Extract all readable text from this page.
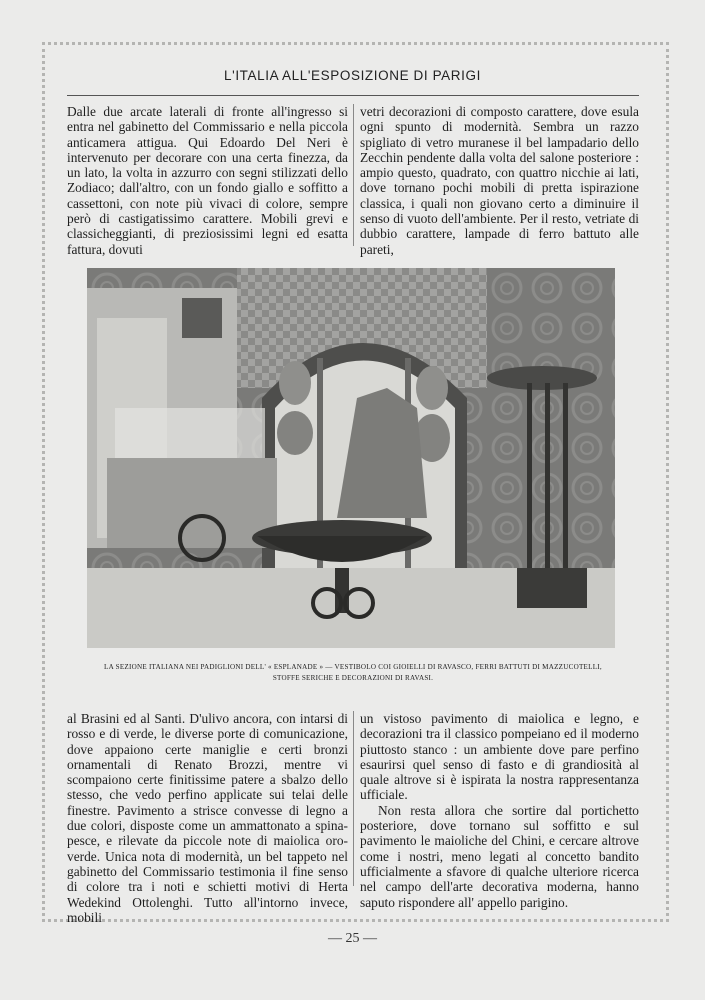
L'ITALIA ALL'ESPOSIZIONE DI PARIGI

Dalle due arcate laterali di fronte all'ingresso si entra nel gabinetto del Commissario e nella piccola anticamera attigua. Qui Edoardo Del Neri è intervenuto per decorare con una certa finezza, da un lato, la volta in azzurro con segni stilizzati dello Zodiaco; dall'altro, con un fondo giallo e soffitto a cassettoni, con note più vivaci di colore, sempre però di castigatissimo carattere. Mobili grevi e classicheggianti, di preziosissimi legni ed esatta fattura, dovuti

vetri decorazioni di composto carattere, dove esula ogni spunto di modernità. Sembra un razzo spigliato di vetro muranese il bel lampadario dello Zecchin pendente dalla volta del salone posteriore : ampio questo, quadrato, con quattro nicchie ai lati, dove tornano pochi mobili di pretta ispirazione classica, i quali non giovano certo a diminuire il senso di vuoto dell'ambiente. Per il resto, vetriate di dubbio carattere, lampade di ferro battuto alle pareti,

LA SEZIONE ITALIANA NEI PADIGLIONI DELL' « ESPLANADE » — VESTIBOLO COI GIOIELLI DI RAVASCO, FERRI BATTUTI DI MAZZUCOTELLI,
STOFFE SERICHE E DECORAZIONI DI RAVASI.

al Brasini ed al Santi. D'ulivo ancora, con intarsi di rosso e di verde, le diverse porte di comunicazione, dove appaiono certe maniglie e certi bronzi ornamentali di Renato Brozzi, mentre vi scompaiono certe finitissime patere a sbalzo dello stesso, che vedo perfino applicate sui telai delle finestre. Pavimento a strisce convesse di legno a due colori, disposte come un ammattonato a spina-pesce, e rilevate da piccole note di maiolica oro-verde. Unica nota di modernità, un bel tappeto nel gabinetto del Commissario testimonia il fine senso di colore tra i noti e schietti motivi di Herta Wedekind Ottolenghi. Tutto all'intorno invece, mobili

un vistoso pavimento di maiolica e legno, e decorazioni tra il classico pompeiano ed il moderno piuttosto stanco : un ambiente dove pare perfino esaurirsi quel senso di fasto e di grandiosità al quale altrove si è ispirata la nostra rappresentanza ufficiale.

Non resta allora che sortire dal portichetto posteriore, dove tornano sul soffitto e sul pavimento le maioliche del Chini, e cercare altrove come i nostri, meno legati al concetto bandito ufficialmente a sfavore di qualche ulteriore ricerca nel campo dell'arte decorativa moderna, hanno saputo rispondere all' appello parigino.

— 25 —
